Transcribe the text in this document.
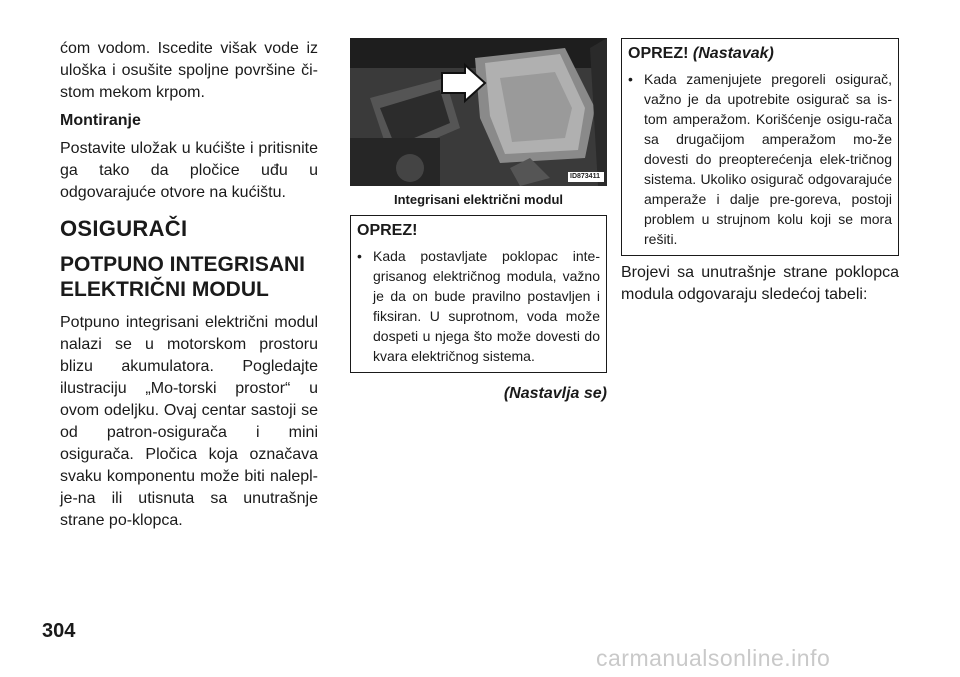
ćom vodom. Iscedite višak vode iz uloška i osušite spoljne površine či-stom mekom krpom.

Montiranje

Postavite uložak u kućište i pritisnite ga tako da pločice uđu u odgovarajuće otvore na kućištu.

OSIGURAČI
POTPUNO INTEGRISANI ELEKTRIČNI MODUL

Potpuno integrisani električni modul nalazi se u motorskom prostoru blizu akumulatora. Pogledajte ilustraciju „Mo-torski prostor“ u ovom odeljku. Ovaj centar sastoji se od patron-osigurača i mini osigurača. Pločica koja označava svaku komponentu može biti nalepl-je-na ili utisnuta sa unutrašnje strane po-klopca.

ID873411
Integrisani električni modul
OPREZ!
• Kada postavljate poklopac inte-grisanog električnog modula, važno je da on bude pravilno postavljen i fiksiran. U suprotnom, voda može dospeti u njega što može dovesti do kvara električnog sistema.
(Nastavlja se)
OPREZ! (Nastavak)
• Kada zamenjujete pregoreli osigurač, važno je da upotrebite osigurač sa is-tom amperažom. Korišćenje osigu-rača sa drugačijom amperažom mo-že dovesti do preopterećenja elek-tričnog sistema. Ukoliko osigurač odgovarajuće amperaže i dalje pre-goreva, postoji problem u strujnom kolu koji se mora rešiti.

Brojevi sa unutrašnje strane poklopca modula odgovaraju sledećoj tabeli:

304
carmanualsonline.info
